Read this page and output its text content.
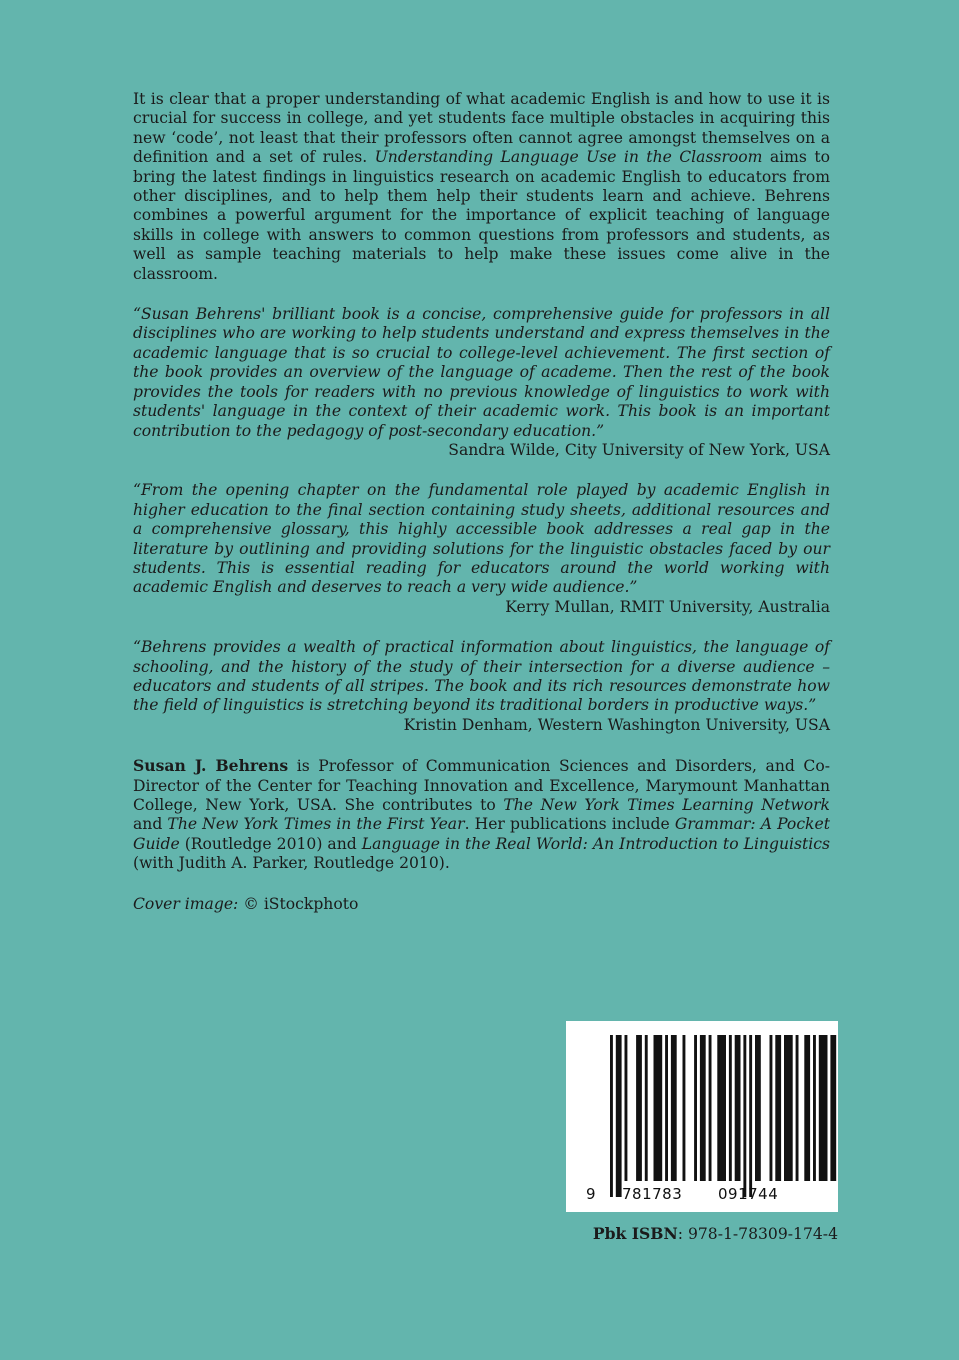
It is clear that a proper understanding of what academic English is and how to use it is crucial for success in college, and yet students face multiple obstacles in acquiring this new ‘code’, not least that their professors often cannot agree amongst themselves on a definition and a set of rules. Understanding Language Use in the Classroom aims to bring the latest findings in linguistics research on academic English to educators from other disciplines, and to help them help their students learn and achieve. Behrens combines a powerful argument for the importance of explicit teaching of language skills in college with answers to common questions from professors and students, as well as sample teaching materials to help make these issues come alive in the classroom.

“Susan Behrens' brilliant book is a concise, comprehensive guide for professors in all disciplines who are working to help students understand and express themselves in the academic language that is so crucial to college-level achievement. The first section of the book provides an overview of the language of academe. Then the rest of the book provides the tools for readers with no previous knowledge of linguistics to work with students' language in the context of their academic work. This book is an important contribution to the pedagogy of post-secondary education.”

Sandra Wilde, City University of New York, USA

“From the opening chapter on the fundamental role played by academic English in higher education to the final section containing study sheets, additional resources and a comprehensive glossary, this highly accessible book addresses a real gap in the literature by outlining and providing solutions for the linguistic obstacles faced by our students. This is essential reading for educators around the world working with academic English and deserves to reach a very wide audience.”

Kerry Mullan, RMIT University, Australia

“Behrens provides a wealth of practical information about linguistics, the language of schooling, and the history of the study of their intersection for a diverse audience – educators and students of all stripes. The book and its rich resources demonstrate how the field of linguistics is stretching beyond its traditional borders in productive ways.”

Kristin Denham, Western Washington University, USA

Susan J. Behrens is Professor of Communication Sciences and Disorders, and Co-Director of the Center for Teaching Innovation and Excellence, Marymount Manhattan College, New York, USA. She contributes to The New York Times Learning Network and The New York Times in the First Year. Her publications include Grammar: A Pocket Guide (Routledge 2010) and Language in the Real World: An Introduction to Linguistics (with Judith A. Parker, Routledge 2010).

Cover image: © iStockphoto

9 781783 091744
Pbk ISBN: 978-1-78309-174-4
